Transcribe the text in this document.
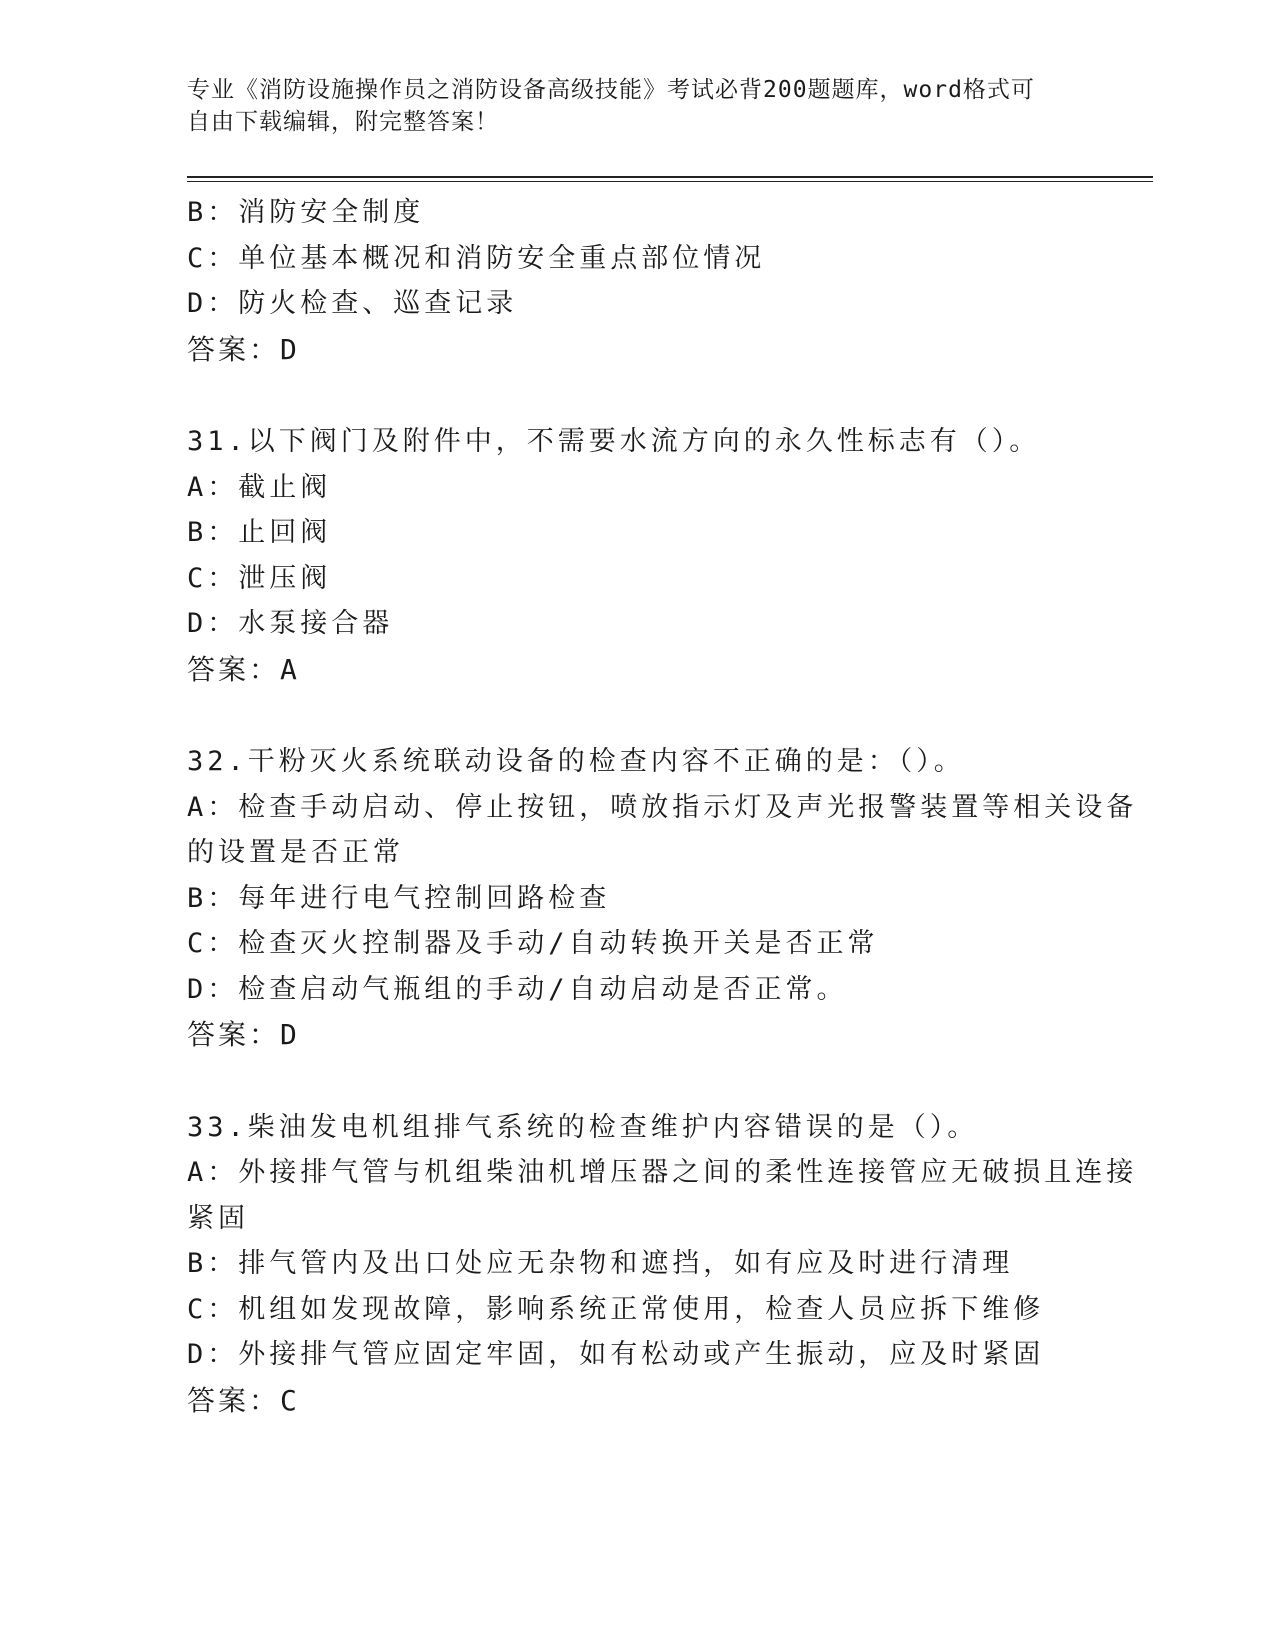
专业《消防设施操作员之消防设备高级技能》考试必背200题题库，word格式可
自由下载编辑，附完整答案！
B：消防安全制度
C：单位基本概况和消防安全重点部位情况
D：防火检查、巡查记录
答案：D
31.以下阀门及附件中，不需要水流方向的永久性标志有（）。
A：截止阀
B：止回阀
C：泄压阀
D：水泵接合器
答案：A
32.干粉灭火系统联动设备的检查内容不正确的是：（）。
A：检查手动启动、停止按钮，喷放指示灯及声光报警装置等相关设备
的设置是否正常
B：每年进行电气控制回路检查
C：检查灭火控制器及手动/自动转换开关是否正常
D：检查启动气瓶组的手动/自动启动是否正常。
答案：D
33.柴油发电机组排气系统的检查维护内容错误的是（）。
A：外接排气管与机组柴油机增压器之间的柔性连接管应无破损且连接
紧固
B：排气管内及出口处应无杂物和遮挡，如有应及时进行清理
C：机组如发现故障，影响系统正常使用，检查人员应拆下维修
D：外接排气管应固定牢固，如有松动或产生振动，应及时紧固
答案：C
